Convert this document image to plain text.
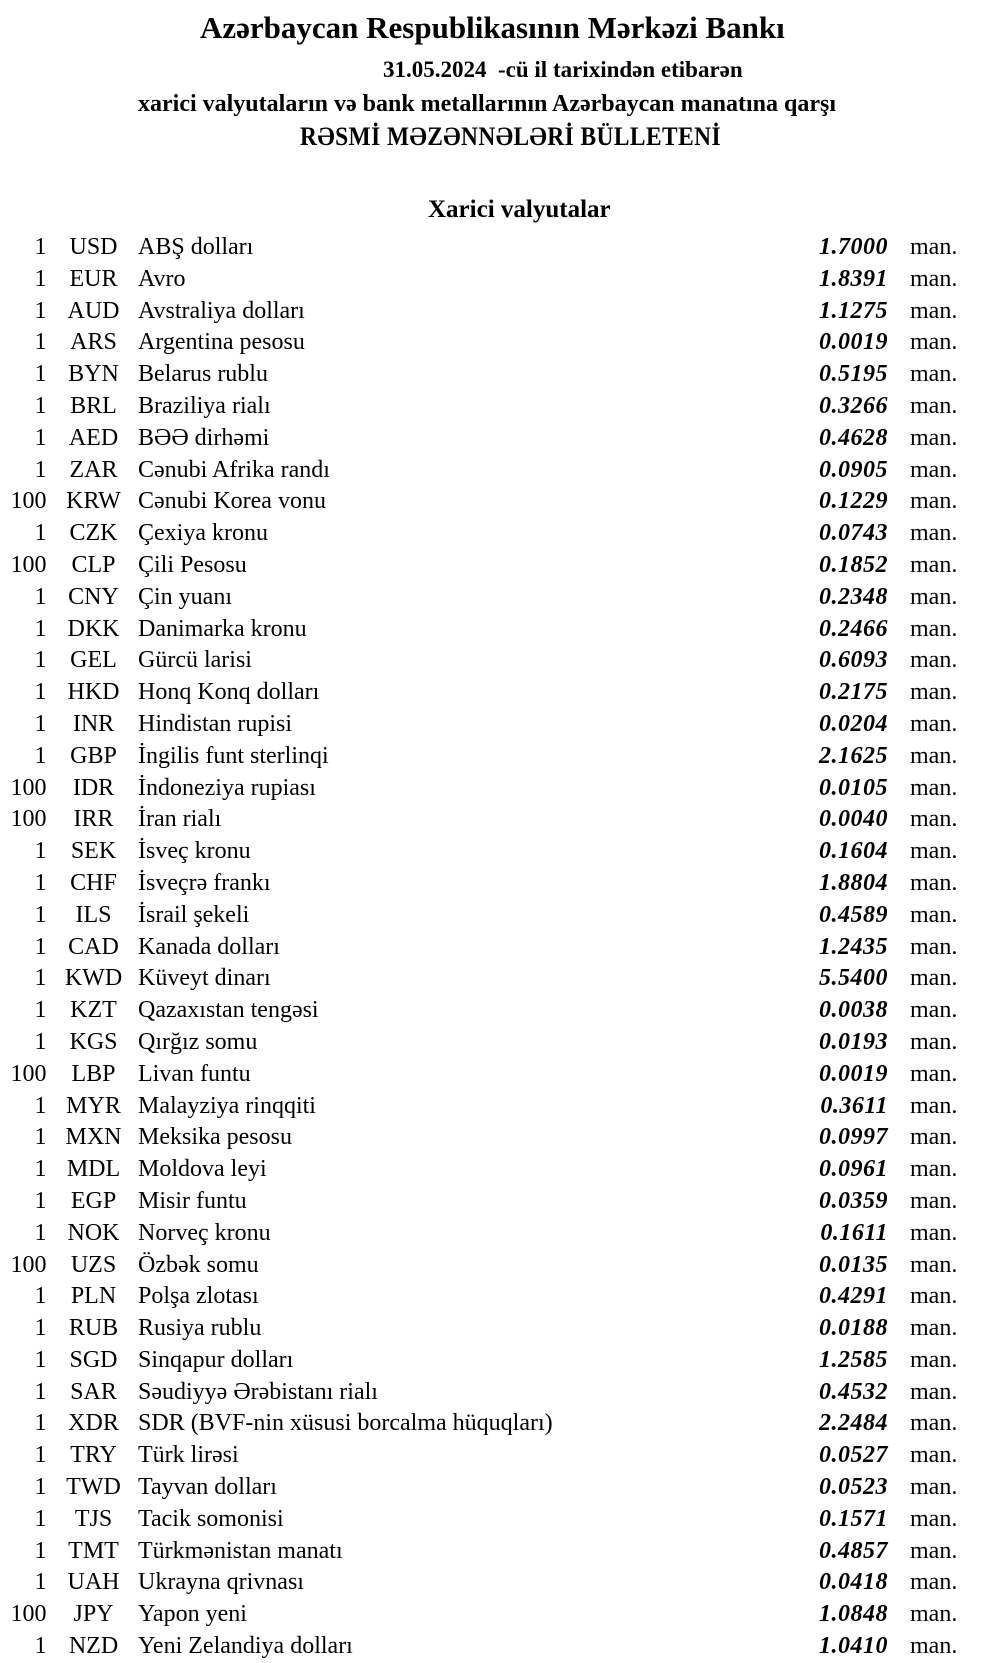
Azərbaycan Respublikasının Mərkəzi Bankı
31.05.2024  -cü il tarixindən etibarən
xarici valyutaların və bank metallarının Azərbaycan manatına qarşı
RƏSMİ MƏZƏNNƏLƏRİ BÜLLETENİ
Xarici valyutalar
1 USD ABŞ dolları	1.7000 man.
1 EUR Avro	1.8391 man.
1 AUD Avstraliya dolları	1.1275 man.
1 ARS Argentina pesosu	0.0019 man.
1 BYN Belarus rublu	0.5195 man.
1 BRL Braziliya rialı	0.3266 man.
1 AED BƏƏ dirhəmi	0.4628 man.
1 ZAR Cənubi Afrika randı	0.0905 man.
100 KRW Cənubi Korea vonu	0.1229 man.
1 CZK Çexiya kronu	0.0743 man.
100	CLP Çili Pesosu	0.1852 man.
1 CNY Çin yuanı	0.2348 man.
1 DKK Danimarka kronu	0.2466 man.
1 GEL Gürcü larisi	0.6093 man.
1 HKD Honq Konq dolları	0.2175 man.
1	INR Hindistan rupisi	0.0204 man.
1 GBP İngilis funt sterlinqi	2.1625 man.
100	IDR İndoneziya rupiası	0.0105 man.
100	IRR	İran rialı	0.0040 man.
1	SEK İsveç kronu	0.1604 man.
1 CHF İsveçrə frankı	1.8804 man.
1	ILS	İsrail şekeli	0.4589 man.
1 CAD Kanada dolları	1.2435 man.
1 KWD Küveyt dinarı	5.5400 man.
1 KZT Qazaxıstan tengəsi	0.0038 man.
1 KGS Qırğız somu	0.0193 man.
100	LBP Livan funtu	0.0019 man.
1 MYR Malayziya rinqqiti	0.3611 man.
1 MXN Meksika pesosu	0.0997 man.
1 MDL Moldova leyi	0.0961 man.
1	EGP Misir funtu	0.0359 man.
1 NOK Norveç kronu	0.1611 man.
100	UZS Özbək somu	0.0135 man.
1	PLN Polşa zlotası	0.4291 man.
1 RUB Rusiya rublu	0.0188 man.
1 SGD Sinqapur dolları	1.2585 man.
1 SAR Səudiyyə Ərəbistanı rialı	0.4532 man.
1 XDR SDR (BVF-nin xüsusi borcalma hüquqları)	2.2484 man.
1 TRY Türk lirəsi	0.0527 man.
1 TWD Tayvan dolları	0.0523 man.
1	TJS	Tacik somonisi	0.1571 man.
1 TMT Türkmənistan manatı	0.4857 man.
1 UAH Ukrayna qrivnası	0.0418 man.
100	JPY	Yapon yeni	1.0848 man.
1 NZD Yeni Zelandiya dolları	1.0410 man.
